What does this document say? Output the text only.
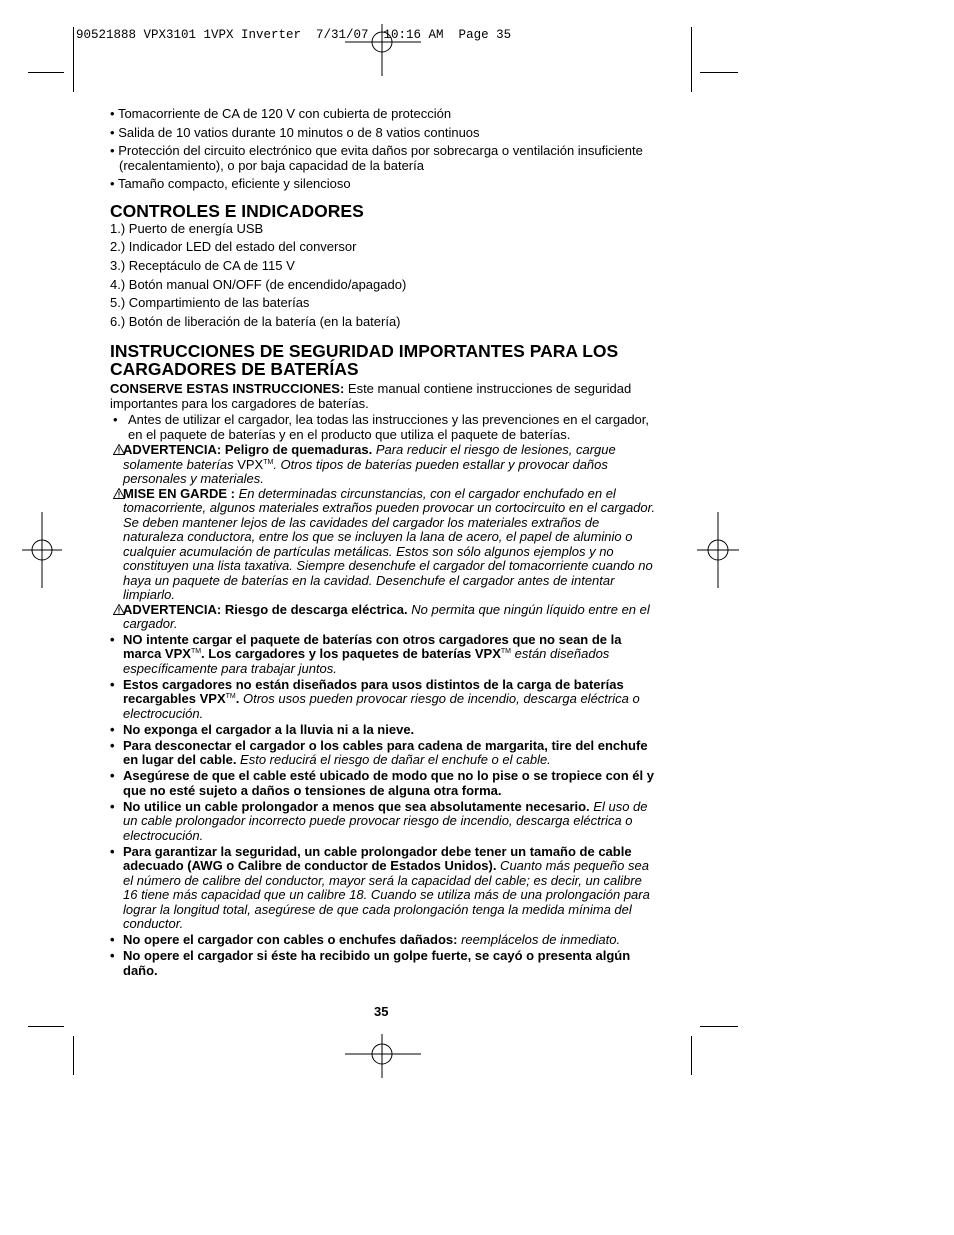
90521888 VPX3101 1VPX Inverter  7/31/07  10:16 AM  Page 35

• Tomacorriente de CA de 120 V con cubierta de protección

• Salida de 10 vatios durante 10 minutos o de 8 vatios continuos

• Protección del circuito electrónico que evita daños por sobrecarga o ventilación insuficiente (recalentamiento), o por baja capacidad de la batería

• Tamaño compacto, eficiente y silencioso

CONTROLES E INDICADORES

1.) Puerto de energía USB

2.) Indicador LED del estado del conversor

3.) Receptáculo de CA de 115 V

4.) Botón manual ON/OFF (de encendido/apagado)

5.) Compartimiento de las baterías

6.) Botón de liberación de la batería (en la batería)

INSTRUCCIONES DE SEGURIDAD IMPORTANTES PARA LOS CARGADORES DE BATERÍAS

CONSERVE ESTAS INSTRUCCIONES: Este manual contiene instrucciones de seguridad importantes para los cargadores de baterías.

• Antes de utilizar el cargador, lea todas las instrucciones y las prevenciones en el cargador, en el paquete de baterías y en el producto que utiliza el paquete de baterías.

ADVERTENCIA: Peligro de quemaduras. Para reducir el riesgo de lesiones, cargue solamente baterías VPX™. Otros tipos de baterías pueden estallar y provocar daños personales y materiales.

MISE EN GARDE : En determinadas circunstancias, con el cargador enchufado en el tomacorriente, algunos materiales extraños pueden provocar un cortocircuito en el cargador. Se deben mantener lejos de las cavidades del cargador los materiales extraños de naturaleza conductora, entre los que se incluyen la lana de acero, el papel de aluminio o cualquier acumulación de partículas metálicas. Estos son sólo algunos ejemplos y no constituyen una lista taxativa. Siempre desenchufe el cargador del tomacorriente cuando no haya un paquete de baterías en la cavidad. Desenchufe el cargador antes de intentar limpiarlo.

ADVERTENCIA: Riesgo de descarga eléctrica. No permita que ningún líquido entre en el cargador.

• NO intente cargar el paquete de baterías con otros cargadores que no sean de la marca VPX™. Los cargadores y los paquetes de baterías VPX™ están diseñados específicamente para trabajar juntos.

• Estos cargadores no están diseñados para usos distintos de la carga de baterías recargables VPX™. Otros usos pueden provocar riesgo de incendio, descarga eléctrica o electrocución.

• No exponga el cargador a la lluvia ni a la nieve.

• Para desconectar el cargador o los cables para cadena de margarita, tire del enchufe en lugar del cable. Esto reducirá el riesgo de dañar el enchufe o el cable.

• Asegúrese de que el cable esté ubicado de modo que no lo pise o se tropiece con él y que no esté sujeto a daños o tensiones de alguna otra forma.

• No utilice un cable prolongador a menos que sea absolutamente necesario. El uso de un cable prolongador incorrecto puede provocar riesgo de incendio, descarga eléctrica o electrocución.

• Para garantizar la seguridad, un cable prolongador debe tener un tamaño de cable adecuado (AWG o Calibre de conductor de Estados Unidos). Cuanto más pequeño sea el número de calibre del conductor, mayor será la capacidad del cable; es decir, un calibre 16 tiene más capacidad que un calibre 18. Cuando se utiliza más de una prolongación para lograr la longitud total, asegúrese de que cada prolongación tenga la medida mínima del conductor.

• No opere el cargador con cables o enchufes dañados: reemplácelos de inmediato.

• No opere el cargador si éste ha recibido un golpe fuerte, se cayó o presenta algún daño.

35
